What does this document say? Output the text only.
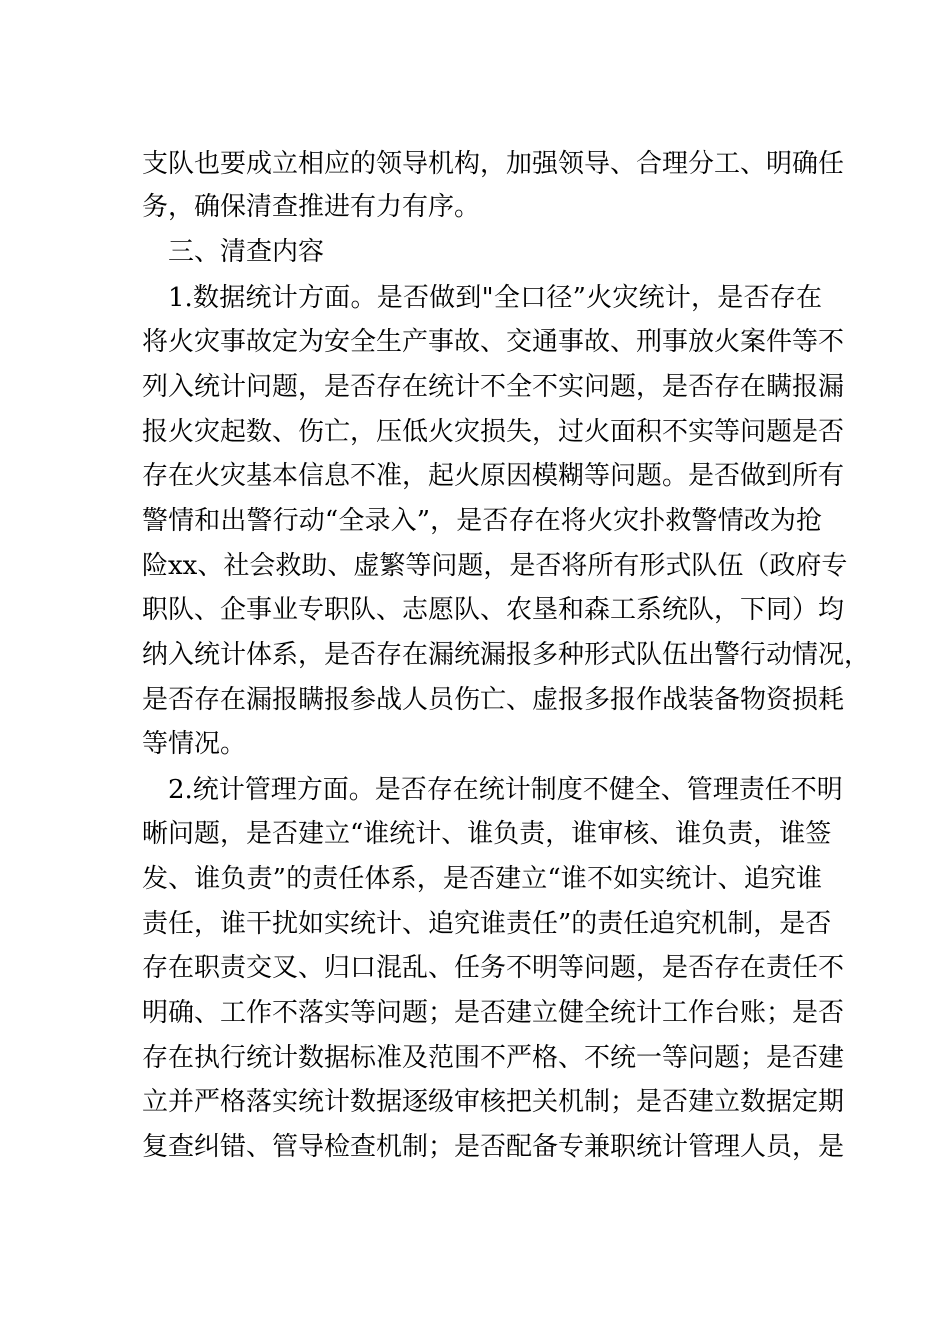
支队也要成立相应的领导机构，加强领导、合理分工、明确任
务，确保清查推进有力有序。
三、清查内容
1.数据统计方面。是否做到"全口径”火灾统计，是否存在
将火灾事故定为安全生产事故、交通事故、刑事放火案件等不
列入统计问题，是否存在统计不全不实问题，是否存在瞒报漏
报火灾起数、伤亡，压低火灾损失，过火面积不实等问题是否
存在火灾基本信息不准，起火原因模糊等问题。是否做到所有
警情和出警行动“全录入”，是否存在将火灾扑救警情改为抢
险xx、社会救助、虚繁等问题，是否将所有形式队伍（政府专
职队、企事业专职队、志愿队、农垦和森工系统队，下同）均
纳入统计体系，是否存在漏统漏报多种形式队伍出警行动情况，
是否存在漏报瞒报参战人员伤亡、虚报多报作战装备物资损耗
等情况。
2.统计管理方面。是否存在统计制度不健全、管理责任不明
晰问题，是否建立“谁统计、谁负责，谁审核、谁负责，谁签
发、谁负责”的责任体系，是否建立“谁不如实统计、追究谁
责任，谁干扰如实统计、追究谁责任”的责任追究机制，是否
存在职责交叉、归口混乱、任务不明等问题，是否存在责任不
明确、工作不落实等问题；是否建立健全统计工作台账；是否
存在执行统计数据标准及范围不严格、不统一等问题；是否建
立并严格落实统计数据逐级审核把关机制；是否建立数据定期
复查纠错、管导检查机制；是否配备专兼职统计管理人员，是
